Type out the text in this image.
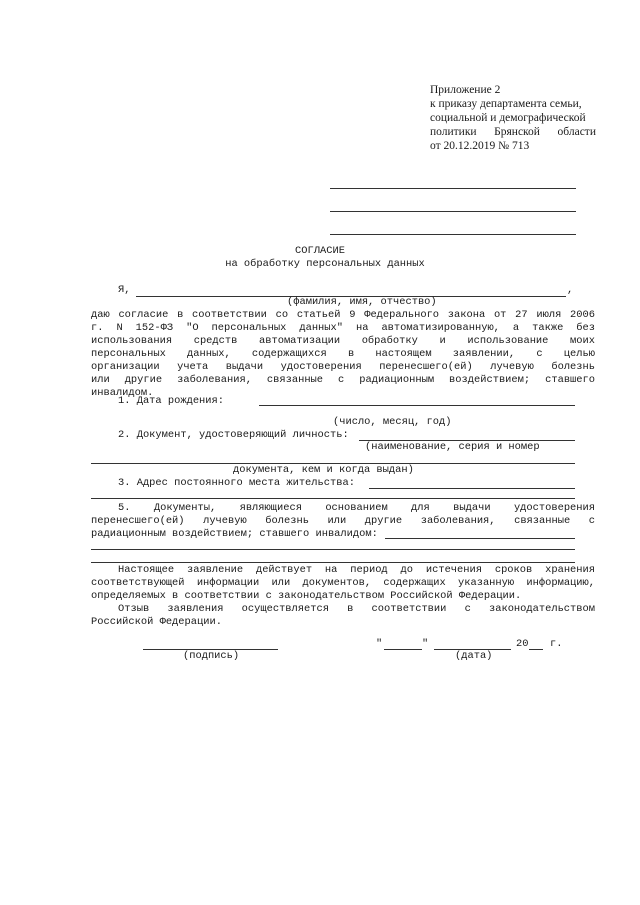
Приложение 2
к приказу департамента семьи,
социальной и демографической
политики Брянской области
от 20.12.2019 № 713
СОГЛАСИЕ
на обработку персональных данных
Я,	,
(фамилия, имя, отчество)
даю согласие в соответствии со статьей 9 Федерального закона от 27 июля 2006
г. N 152-ФЗ "О персональных данных" на автоматизированную, а также без
использования средств автоматизации обработку и использование моих
персональных данных, содержащихся в настоящем заявлении, с целью
организации учета выдачи удостоверения перенесшего(ей) лучевую болезнь
или другие заболевания, связанные с радиационным воздействием; ставшего
инвалидом.
1. Дата рождения:
(число, месяц, год)
2. Документ, удостоверяющий личность:
(наименование, серия и номер
документа, кем и когда выдан)
3. Адрес постоянного места жительства:
5. Документы, являющиеся основанием для выдачи удостоверения
перенесшего(ей) лучевую болезнь или другие заболевания, связанные с
радиационным воздействием; ставшего инвалидом:
Настоящее заявление действует на период до истечения сроков хранения
соответствующей информации или документов, содержащих указанную информацию,
определяемых в соответствии с законодательством Российской Федерации.
Отзыв заявления осуществляется в соответствии с законодательством
Российской Федерации.
(подпись)
"	"	20 г.
(дата)
